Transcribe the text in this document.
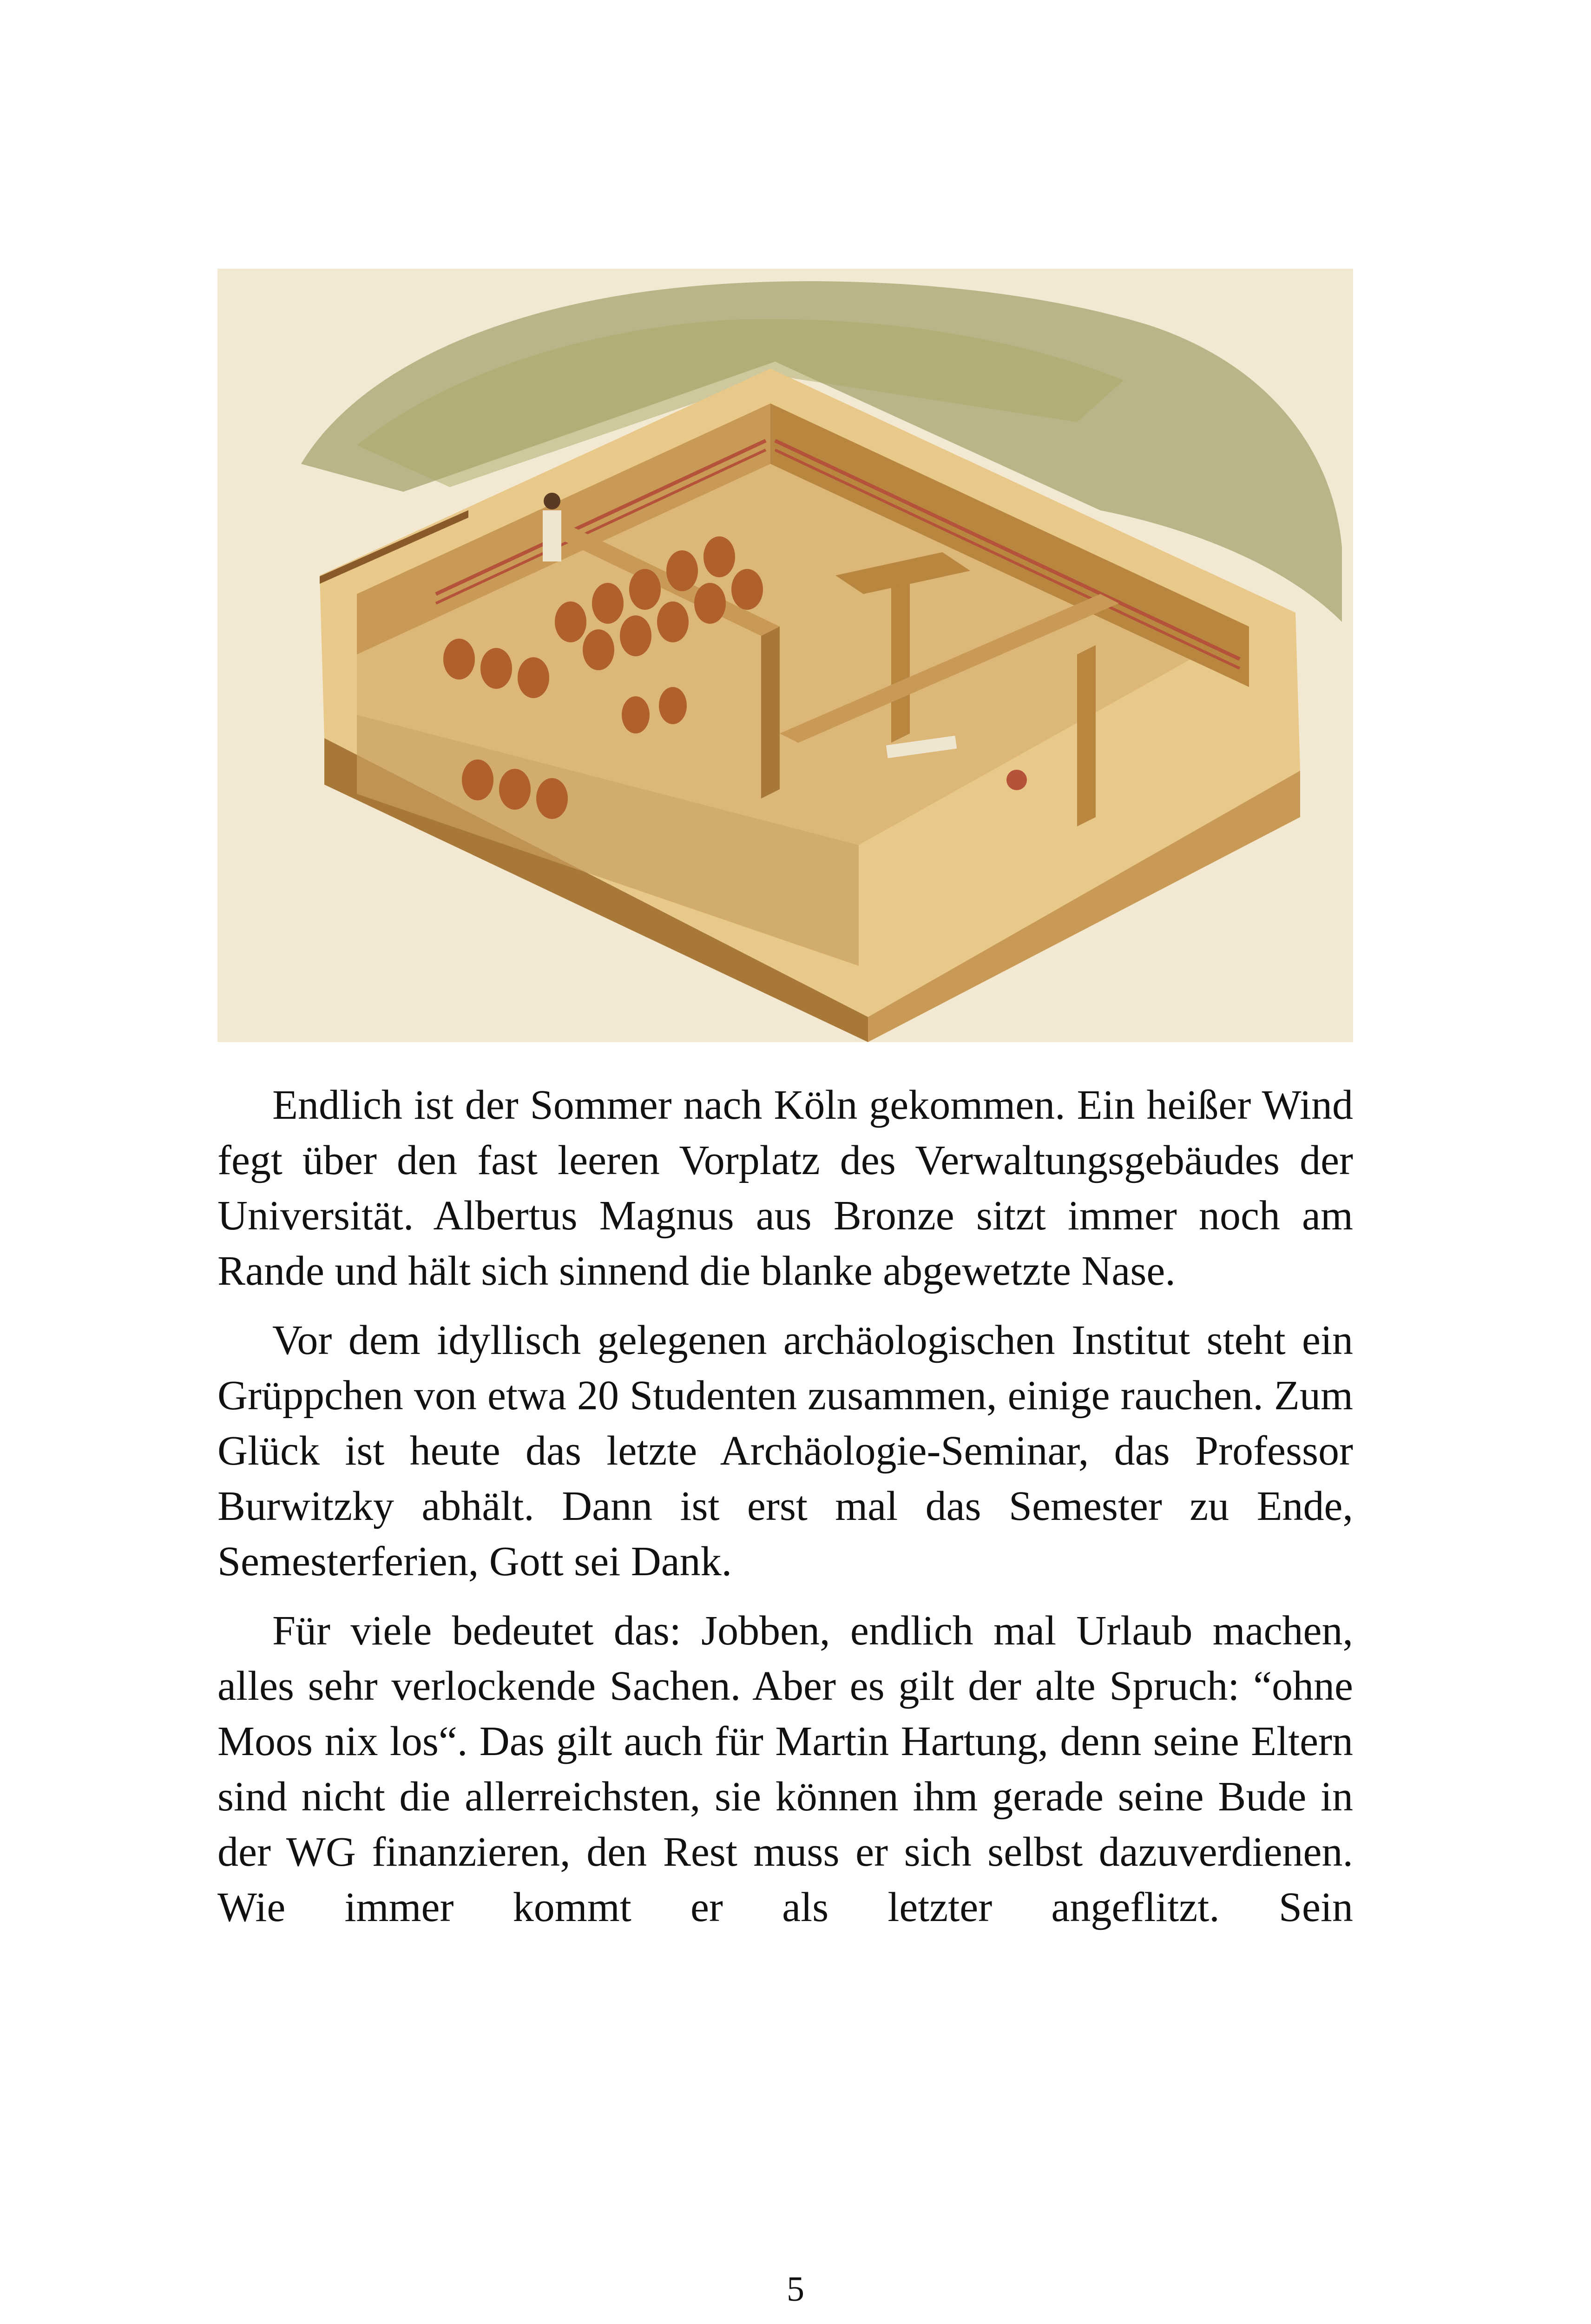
Endlich ist der Sommer nach Köln gekommen. Ein heißer Wind fegt über den fast leeren Vorplatz des Verwaltungsgebäudes der Universität. Albertus Magnus aus Bronze sitzt immer noch am Rande und hält sich sinnend die blanke abgewetzte Nase.

Vor dem idyllisch gelegenen archäologischen Institut steht ein Grüppchen von etwa 20 Studenten zusammen, einige rauchen. Zum Glück ist heute das letzte Archäologie-Seminar, das Professor Burwitzky abhält. Dann ist erst mal das Semester zu Ende, Semesterferien, Gott sei Dank.

Für viele bedeutet das: Jobben, endlich mal Urlaub machen, alles sehr verlockende Sachen. Aber es gilt der alte Spruch: “ohne Moos nix los“. Das gilt auch für Martin Hartung, denn seine Eltern sind nicht die allerreichsten, sie können ihm gerade seine Bude in der WG finanzieren, den Rest muss er sich selbst dazuverdienen. Wie immer kommt er als letzter angeflitzt. Sein

5
